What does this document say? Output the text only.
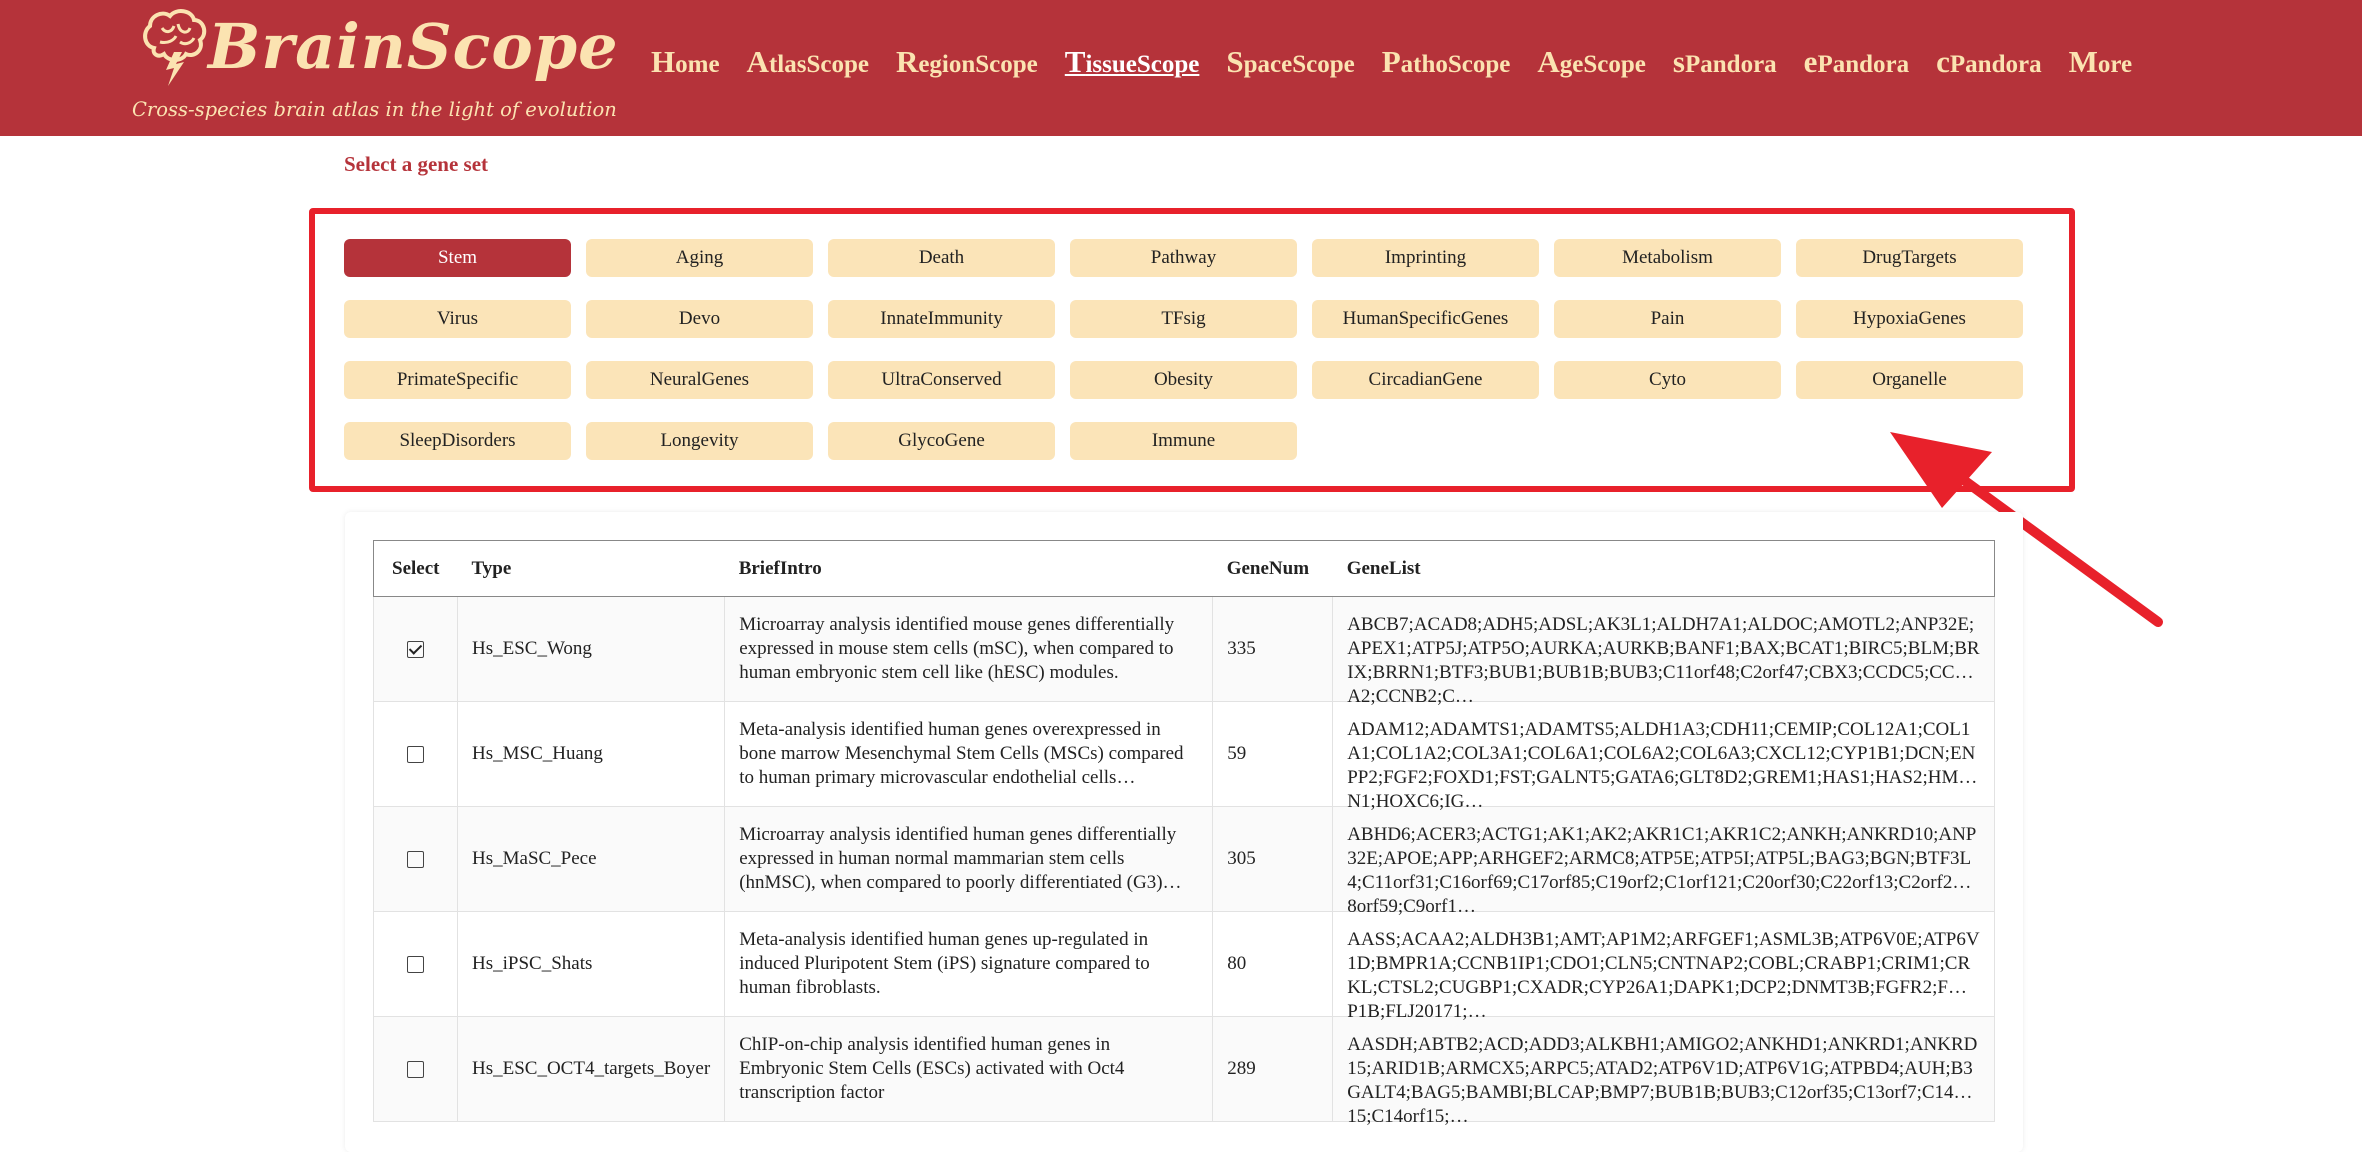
BrainScope
Cross-species brain atlas in the light of evolution
Home AtlasScope RegionScope TissueScope SpaceScope PathoScope AgeScope sPandora ePandora cPandora More
Select a gene set
Stem	Aging	Death	Pathway	Imprinting	Metabolism	DrugTargets
Virus	Devo	InnateImmunity	TFsig	HumanSpecificGenes	Pain	HypoxiaGenes
PrimateSpecific	NeuralGenes	UltraConserved	Obesity	CircadianGene	Cyto	Organelle
SleepDisorders	Longevity	GlycoGene	Immune
Select	Type	BriefIntro	GeneNum	GeneList
	Hs_ESC_Wong	Microarray analysis identified mouse genes differentially expressed in mouse stem cells (mSC), when compared to human embryonic stem cell like (hESC) modules.	335	ABCB7;ACAD8;ADH5;ADSL;AK3L1;ALDH7A1;ALDOC;AMOTL2;ANP32E;APEX1;ATP5J;ATP5O;AURKA;AURKB;BANF1;BAX;BCAT1;BIRC5;BLM;BRIX;BRRN1;BTF3;BUB1;BUB1B;BUB3;C11orf48;C2orf47;CBX3;CCDC5;CCNA2;CCNB2;C…

	Hs_MSC_Huang	Meta-analysis identified human genes overexpressed in bone marrow Mesenchymal Stem Cells (MSCs) compared to human primary microvascular endothelial cells…	59	ADAM12;ADAMTS1;ADAMTS5;ALDH1A3;CDH11;CEMIP;COL12A1;COL1A1;COL1A2;COL3A1;COL6A1;COL6A2;COL6A3;CXCL12;CYP1B1;DCN;ENPP2;FGF2;FOXD1;FST;GALNT5;GATA6;GLT8D2;GREM1;HAS1;HAS2;HMCN1;HOXC6;IG…

	Hs_MaSC_Pece	Microarray analysis identified human genes differentially expressed in human normal mammarian stem cells (hnMSC), when compared to poorly differentiated (G3)…	305	ABHD6;ACER3;ACTG1;AK1;AK2;AKR1C1;AKR1C2;ANKH;ANKRD10;ANP32E;APOE;APP;ARHGEF2;ARMC8;ATP5E;ATP5I;ATP5L;BAG3;BGN;BTF3L4;C11orf31;C16orf69;C17orf85;C19orf2;C1orf121;C20orf30;C22orf13;C2orf24;C8orf59;C9orf1…

	Hs_iPSC_Shats	Meta-analysis identified human genes up-regulated in induced Pluripotent Stem (iPS) signature compared to human fibroblasts.	80	AASS;ACAA2;ALDH3B1;AMT;AP1M2;ARFGEF1;ASML3B;ATP6V0E;ATP6V1D;BMPR1A;CCNB1IP1;CDO1;CLN5;CNTNAP2;COBL;CRABP1;CRIM1;CRKL;CTSL2;CUGBP1;CXADR;CYP26A1;DAPK1;DCP2;DNMT3B;FGFR2;FKBP1B;FLJ20171;…

	Hs_ESC_OCT4_targets_Boyer	ChIP-on-chip analysis identified human genes in Embryonic Stem Cells (ESCs) activated with Oct4 transcription factor	289	AASDH;ABTB2;ACD;ADD3;ALKBH1;AMIGO2;ANKHD1;ANKRD1;ANKRD15;ARID1B;ARMCX5;ARPC5;ATAD2;ATP6V1D;ATP6V1G;ATPBD4;AUH;B3GALT4;BAG5;BAMBI;BLCAP;BMP7;BUB1B;BUB3;C12orf35;C13orf7;C14orf15;C14orf15;…
